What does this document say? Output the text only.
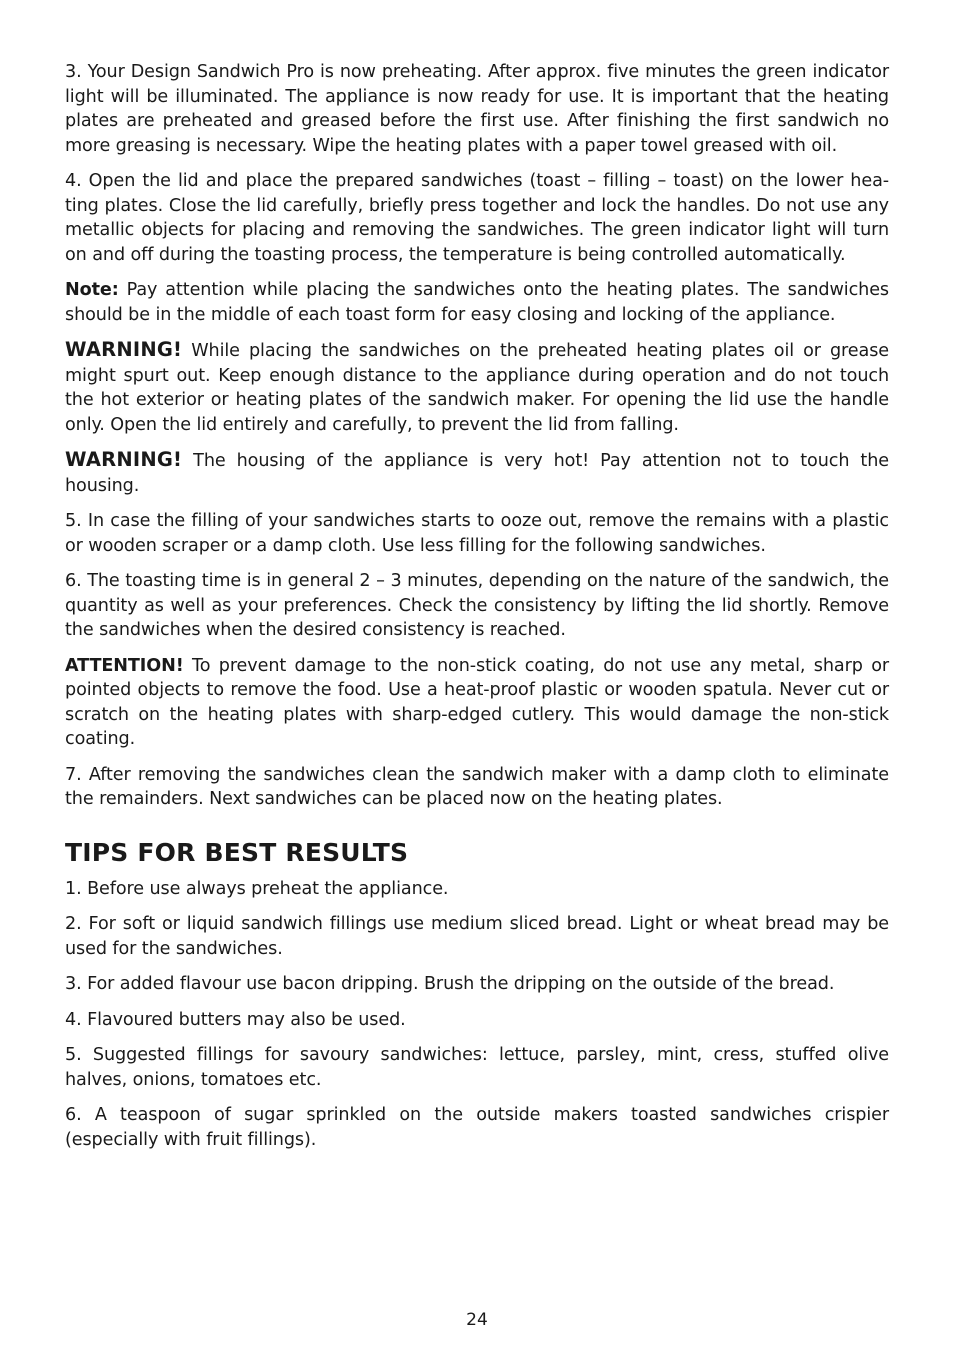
3. Your Design Sandwich Pro is now preheating. After approx. five minutes the green indicator light will be illuminated. The appliance is now ready for use. It is important that the heating plates are preheated and greased before the first use. After finishing the first sandwich no more greasing is necessary. Wipe the heating plates with a paper towel greased with oil.

4. Open the lid and place the prepared sandwiches (toast – filling – toast) on the lower hea-ting plates. Close the lid carefully, briefly press together and lock the handles. Do not use any metallic objects for placing and removing the sandwiches. The green indicator light will turn on and off during the toasting process, the temperature is being controlled automatically.

Note: Pay attention while placing the sandwiches onto the heating plates. The sandwiches should be in the middle of each toast form for easy closing and locking of the appliance.

WARNING! While placing the sandwiches on the preheated heating plates oil or grease might spurt out. Keep enough distance to the appliance during operation and do not touch the hot exterior or heating plates of the sandwich maker. For opening the lid use the handle only. Open the lid entirely and carefully, to prevent the lid from falling.

WARNING! The housing of the appliance is very hot! Pay attention not to touch the housing.

5. In case the filling of your sandwiches starts to ooze out, remove the remains with a plastic or wooden scraper or a damp cloth. Use less filling for the following sandwiches.

6. The toasting time is in general 2 – 3 minutes, depending on the nature of the sandwich, the quantity as well as your preferences. Check the consistency by lifting the lid shortly. Remove the sandwiches when the desired consistency is reached.

ATTENTION! To prevent damage to the non-stick coating, do not use any metal, sharp or pointed objects to remove the food. Use a heat-proof plastic or wooden spatula. Never cut or scratch on the heating plates with sharp-edged cutlery. This would damage the non-stick coating.

7. After removing the sandwiches clean the sandwich maker with a damp cloth to eliminate the remainders. Next sandwiches can be placed now on the heating plates.

TIPS FOR BEST RESULTS

1. Before use always preheat the appliance.

2. For soft or liquid sandwich fillings use medium sliced bread. Light or wheat bread may be used for the sandwiches.

3. For added flavour use bacon dripping. Brush the dripping on the outside of the bread.

4. Flavoured butters may also be used.

5. Suggested fillings for savoury sandwiches: lettuce, parsley, mint, cress, stuffed olive halves, onions, tomatoes etc.

6. A teaspoon of sugar sprinkled on the outside makers toasted sandwiches crispier (especially with fruit fillings).

24
